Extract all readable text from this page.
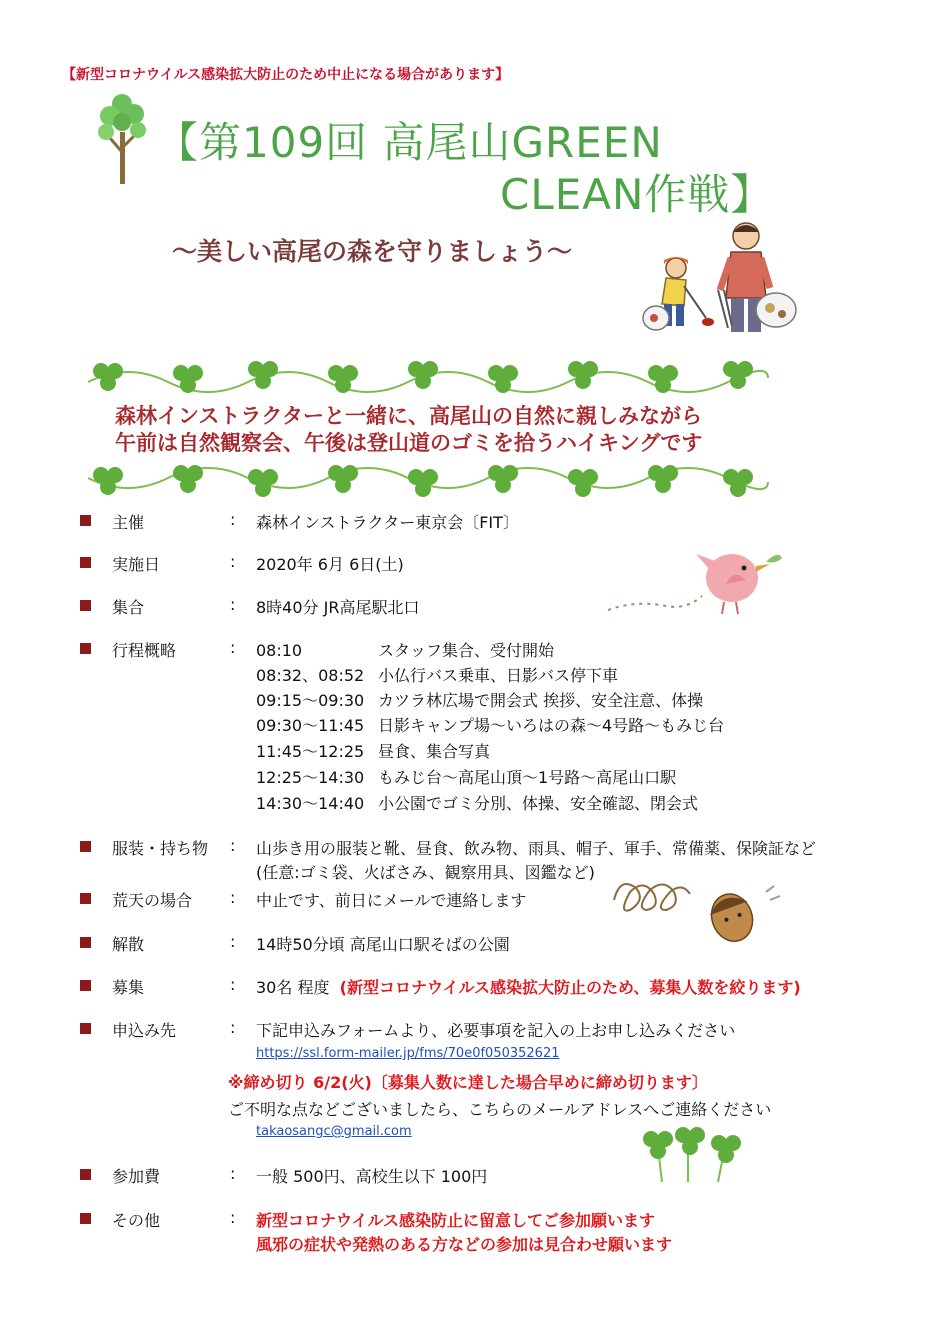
【新型コロナウイルス感染拡大防止のため中止になる場合があります】
【第109回 高尾山GREEN
CLEAN作戦】
～美しい高尾の森を守りましょう～
森林インストラクターと一緒に、高尾山の自然に親しみながら
午前は自然観察会、午後は登山道のゴミを拾うハイキングです
主催	: 森林インストラクター東京会〔FIT〕
実施日	: 2020年 6月 6日(土)
集合	: 8時40分 JR高尾駅北口
行程概略	: 08:10	スタッフ集合、受付開始
08:32、08:52 小仏行バス乗車、日影バス停下車
09:15～09:30 カツラ林広場で開会式 挨拶、安全注意、体操
09:30～11:45 日影キャンプ場～いろはの森～4号路～もみじ台
11:45～12:25 昼食、集合写真
12:25～14:30 もみじ台～高尾山頂～1号路～高尾山口駅
14:30～14:40 小公園でゴミ分別、体操、安全確認、閉会式
服装・持ち物 : 山歩き用の服装と靴、昼食、飲み物、雨具、帽子、軍手、常備薬、保険証など
(任意:ゴミ袋、火ばさみ、観察用具、図鑑など)
荒天の場合 : 中止です、前日にメールで連絡します
解散	: 14時50分頃 高尾山口駅そばの公園
募集	: 30名 程度 (新型コロナウイルス感染拡大防止のため、募集人数を絞ります)
申込み先	: 下記申込みフォームより、必要事項を記入の上お申し込みください
https://ssl.form-mailer.jp/fms/70e0f050352621
※締め切り 6/2(火)〔募集人数に達した場合早めに締め切ります〕
ご不明な点などございましたら、こちらのメールアドレスへご連絡ください
takaosangc@gmail.com
参加費	: 一般 500円、高校生以下 100円
その他	: 新型コロナウイルス感染防止に留意してご参加願います
風邪の症状や発熱のある方などの参加は見合わせ願います
